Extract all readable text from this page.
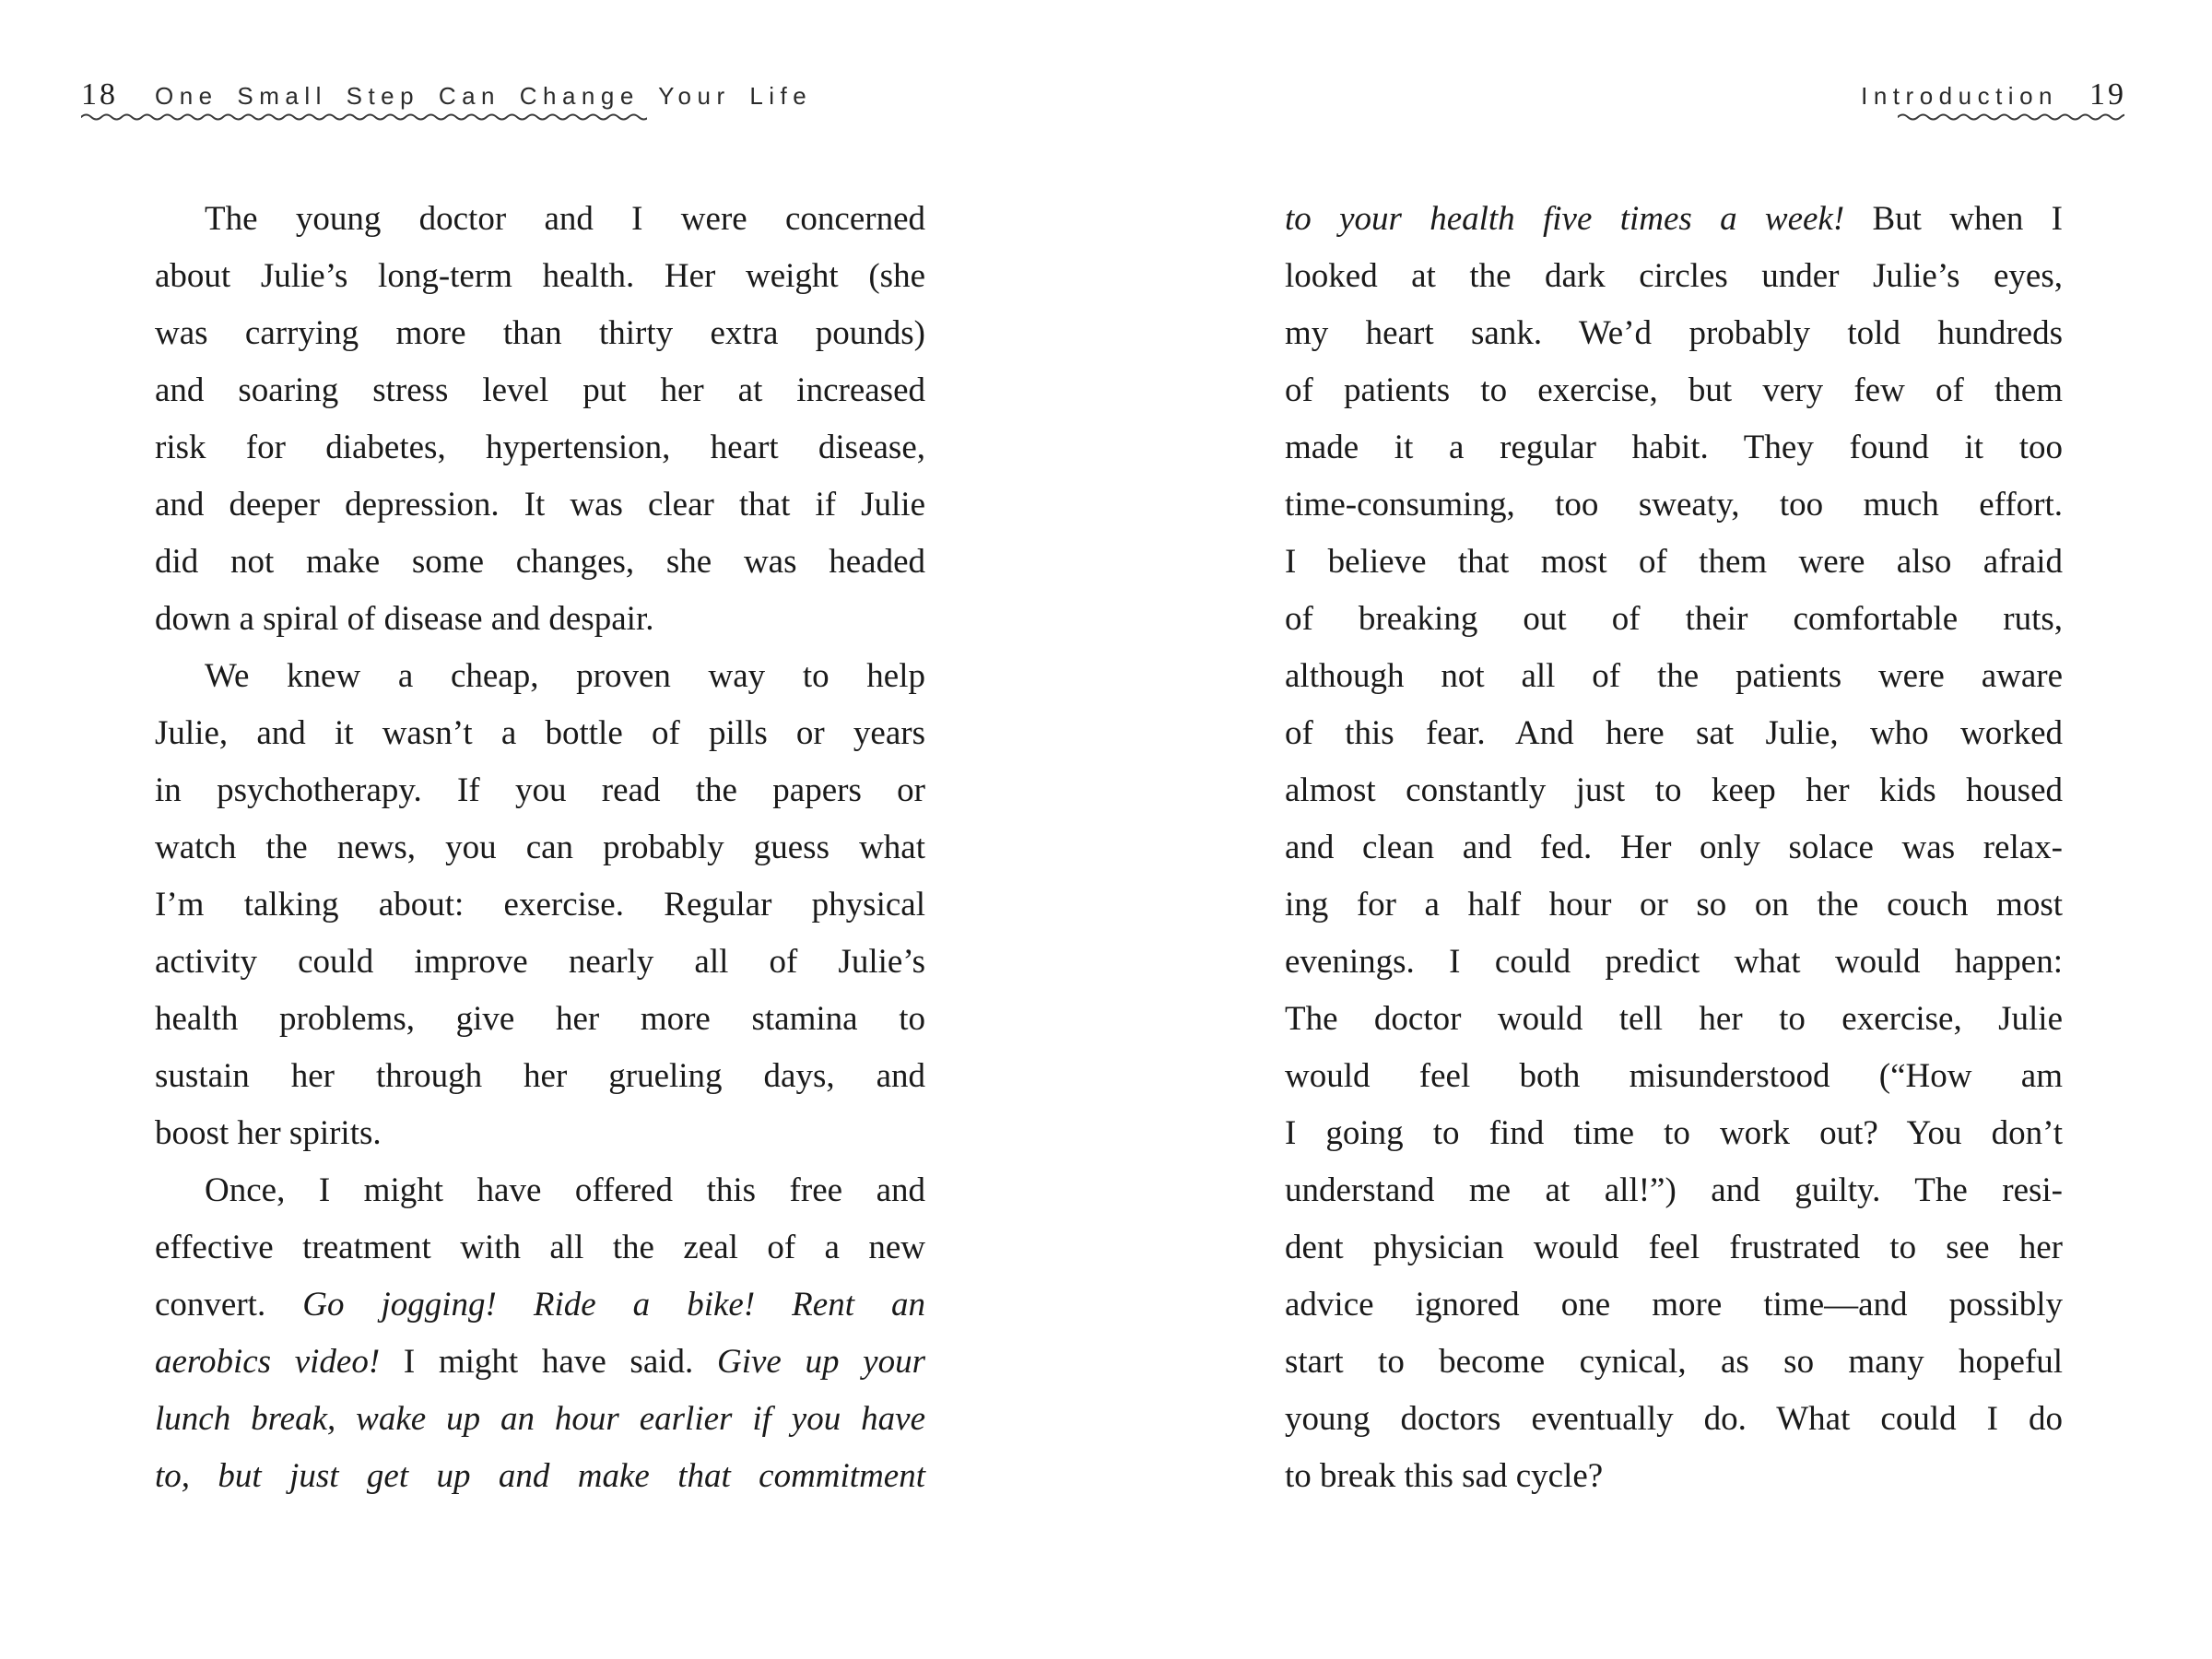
18 One Small Step Can Change Your Life
The young doctor and I were concerned
about Julie’s long-term health. Her weight (she
was carrying more than thirty extra pounds)
and soaring stress level put her at increased
risk for diabetes, hypertension, heart disease,
and deeper depression. It was clear that if Julie
did not make some changes, she was headed
down a spiral of disease and despair.
We knew a cheap, proven way to help
Julie, and it wasn’t a bottle of pills or years
in psychotherapy. If you read the papers or
watch the news, you can probably guess what
I’m talking about: exercise. Regular physical
activity could improve nearly all of Julie’s
health problems, give her more stamina to
sustain her through her grueling days, and
boost her spirits.
Once, I might have offered this free and
effective treatment with all the zeal of a new
convert. Go jogging! Ride a bike! Rent an
aerobics video! I might have said. Give up your
lunch break, wake up an hour earlier if you have
to, but just get up and make that commitment
Introduction 19
to your health five times a week! But when I
looked at the dark circles under Julie’s eyes,
my heart sank. We’d probably told hundreds
of patients to exercise, but very few of them
made it a regular habit. They found it too
time-consuming, too sweaty, too much effort.
I believe that most of them were also afraid
of breaking out of their comfortable ruts,
although not all of the patients were aware
of this fear. And here sat Julie, who worked
almost constantly just to keep her kids housed
and clean and fed. Her only solace was relax-
ing for a half hour or so on the couch most
evenings. I could predict what would happen:
The doctor would tell her to exercise, Julie
would feel both misunderstood (“How am
I going to find time to work out? You don’t
understand me at all!”) and guilty. The resi-
dent physician would feel frustrated to see her
advice ignored one more time—and possibly
start to become cynical, as so many hopeful
young doctors eventually do. What could I do
to break this sad cycle?
